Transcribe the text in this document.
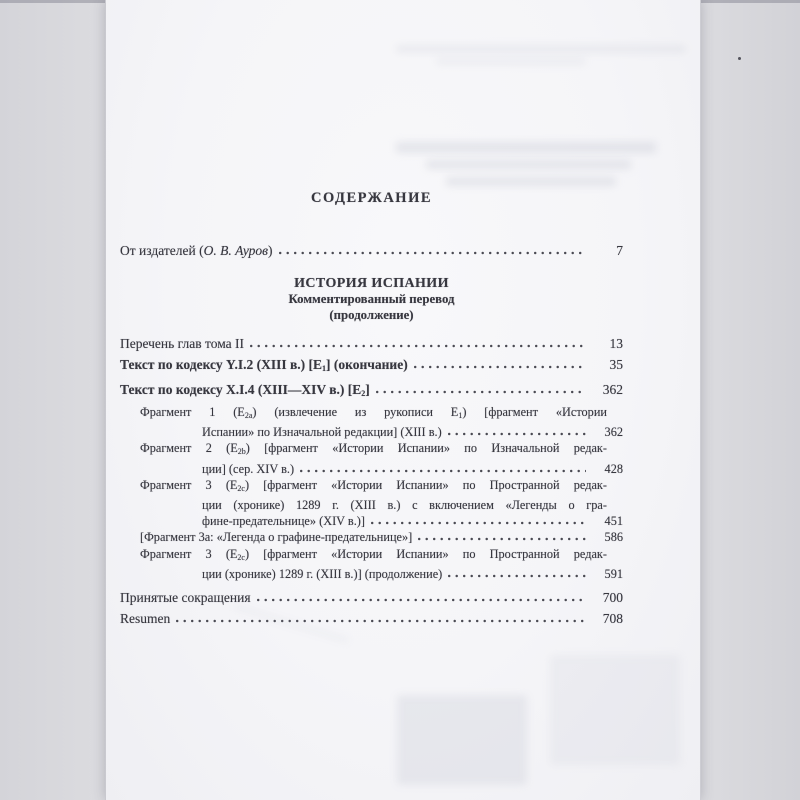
СОДЕРЖАНИЕ
От издателей (О. В. Ауров)	7
ИСТОРИЯ ИСПАНИИ
Комментированный перевод
(продолжение)
Перечень глав тома II	13
Текст по кодексу Y.I.2 (XIII в.) [E1] (окончание)	35
Текст по кодексу X.I.4 (XIII—XIV в.) [E2]	362
Фрагмент 1 (E2a) (извлечение из рукописи Е1) [фрагмент «Истории
Испании» по Изначальной редакции] (XIII в.)	362
Фрагмент 2 (E2b) [фрагмент «Истории Испании» по Изначальной редак-
ции] (сер. XIV в.)	428
Фрагмент 3 (E2c) [фрагмент «Истории Испании» по Пространной редак-
ции (хронике) 1289 г. (XIII в.) с включением «Легенды о гра-
фине-предательнице» (XIV в.)]	451
[Фрагмент 3а: «Легенда о графине-предательнице»]	586
Фрагмент 3 (E2c) [фрагмент «Истории Испании» по Пространной редак-
ции (хронике) 1289 г. (XIII в.)] (продолжение)	591
Принятые сокращения	700
Resumen	708
